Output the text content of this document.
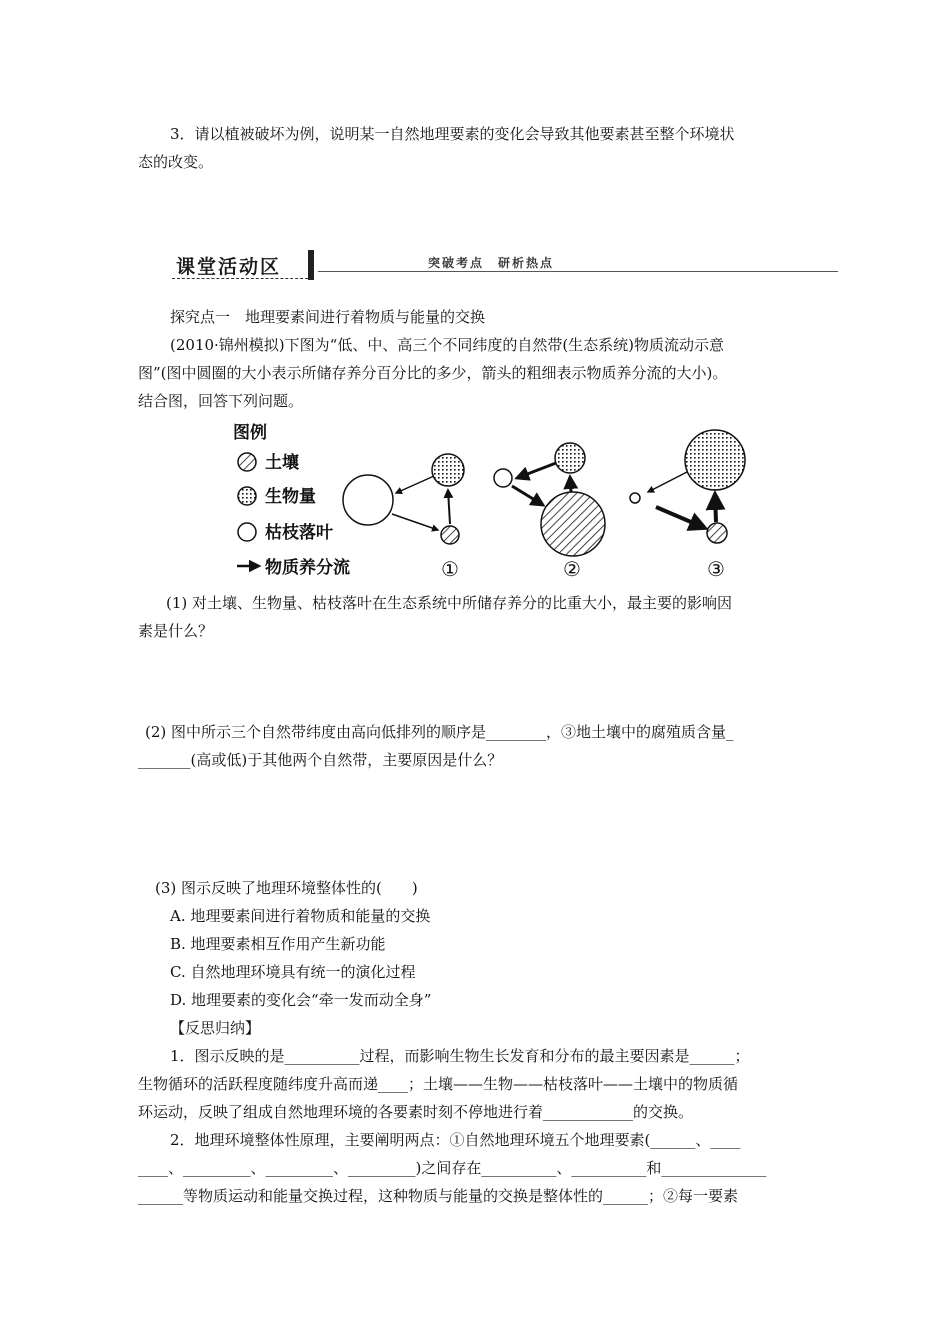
3．请以植被破坏为例，说明某一自然地理要素的变化会导致其他要素甚至整个环境状
态的改变。
课堂活动区	突破考点　研析热点
探究点一　地理要素间进行着物质与能量的交换
(2010·锦州模拟)下图为“低、中、高三个不同纬度的自然带(生态系统)物质流动示意
图”(图中圆圈的大小表示所储存养分百分比的多少，箭头的粗细表示物质养分流的大小)。
结合图，回答下列问题。
图例
土壤
生物量
枯枝落叶
物质养分流	①	②	③
(1) 对土壤、生物量、枯枝落叶在生态系统中所储存养分的比重大小，最主要的影响因
素是什么？
(2) 图中所示三个自然带纬度由高向低排列的顺序是________，③地土壤中的腐殖质含量_
_______(高或低)于其他两个自然带，主要原因是什么？
(3) 图示反映了地理环境整体性的(　　)
A. 地理要素间进行着物质和能量的交换
B. 地理要素相互作用产生新功能
C. 自然地理环境具有统一的演化过程
D. 地理要素的变化会“牵一发而动全身”
【反思归纳】
1．图示反映的是__________过程，而影响生物生长发育和分布的最主要因素是______；
生物循环的活跃程度随纬度升高而递____；土壤——生物——枯枝落叶——土壤中的物质循
环运动，反映了组成自然地理环境的各要素时刻不停地进行着____________的交换。
2．地理环境整体性原理，主要阐明两点：①自然地理环境五个地理要素(______、____
____、_________、_________、_________)之间存在__________、__________和______________
______等物质运动和能量交换过程，这种物质与能量的交换是整体性的______；②每一要素
